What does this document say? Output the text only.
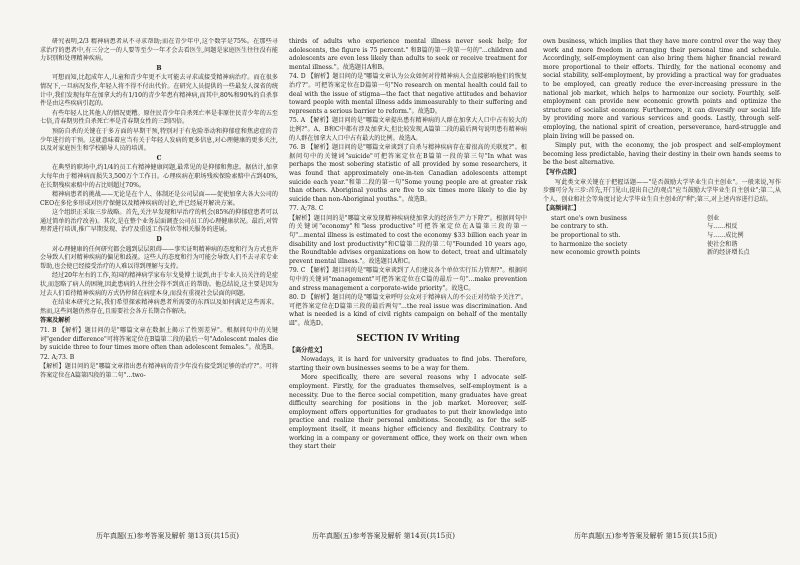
研究表明,2/3 精神病患者从不寻求帮助;而在青少年中,这个数字是75%。在那些寻求治疗的患者中,有三分之一的人要等至少一年才会去看医生,问题是家庭医生往往没有能力识别和处理精神疾病。

B

可想而知,比起成年人,儿童和青少年更不太可能去寻求或接受精神病治疗。而在很多情况下,一旦病况发作,年轻人将不得不付出代价。在研究人员提供的一些最发人深省的统计中,我们发现每年在加拿大约有1/10的青少年患有精神病,而其中,80%和90%的自杀事件是由这些疾病引起的。

有些年轻人比其他人的情况更糟。原住民青少年自杀死亡率是非原住民青少年的五至七倍,青春期男性自杀死亡率是青春期女性的三到四倍。

预防自杀的关键在于多方面的早期干预,特别对于有危险举动和抑郁症和焦虑症的青少年进行的干预。这就意味着应当有关于年轻人发病的更多信息,对心理健康的更多关注,以及对家庭医生和学校辅导人员的培训。

C

在典型的职场中,约1/4的员工有精神健康问题,最常见的是抑郁和焦虑。据估计,加拿大每年由于精神病而损失3,500万个工作日。心理疾病在职场残疾保险索赔中占到40%,在长期残疾索赔中的占比则超过70%。

精神病患者的挑战——无论是在个人、体制还是公司层面——促使加拿大各大公司的CEO在多伦多形成对医疗保健以及精神疾病的讨论,并已经展开解决方案。

这个组织正采取三步战略。首先,关注早发现和早治疗的机会(85%的抑郁症患者可以通过简单的治疗改善)。其次,是在整个业务层面调查公司员工的心理健康状况。最后,对管理者进行培训,推广早期发现、治疗及重返工作岗位等相关服务的进展。

D

对心理健康的任何研究都会遇到层层阻碍——事实证明精神病的态度和行为方式也许会导致人们对精神疾病的偏见和歧视。这些人的态度和行为可能会导致人们不去寻求专业帮助,也会使已经接受治疗的人难以得到理解与支持。

经过20年左右的工作,英国的精神病学家布尔戈曼博士说到,由于专业人员关注的是症状,而忽略了病人的困境,因此患病的人往往会得不到真正的帮助。他总结说,这主要是因为过去人们看待精神疾病的方式仍停留在病症本身,而没有重视社会层面的问题。

在结束本研究之际,我们希望探索精神病患者所需要的东西以及如何满足这些需求。然而,这些问题仍然存在,且需要社会各方长期合作解决。

答案及解析

71. B 【解析】题目问的是"哪篇文章在数据上揭示了性别差异"。根据问句中的关键词"gender difference"可将答案定位在B篇第二段的最后一句"Adolescent males die by suicide three to four times more often than adolescent females."。故选B。

72. A;73. B

【解析】题目问的是"哪篇文章指出患有精神病的青少年没有接受到足够的治疗?"。可将答案定位在A篇第四段的第二句"...two-

thirds of adults who experience mental illness never seek help; for adolescents, the figure is 75 percent." 和B篇的第一段第一句的"...children and adolescents are even less likely than adults to seek or receive treatment for mental illness."。故选题目A和B。

74. D 【解析】题目问的是"哪篇文章认为公众如何对待精神病人会直接影响他们的恢复治疗?"。可把答案定位在D篇第一句"No research on mental health could fail to deal with the issue of stigma—the fact that negative attitudes and behavior toward people with mental illness adds immeasurably to their suffering and represents a serious barrier to reform."。故选D。

75. A 【解析】题目问的是"哪篇文章提出患有精神病的人群在加拿大人口中占有较大的比例?"。A、B和C中都有涉及加拿大,但比较发现,A篇第二段的最后两句说明患有精神病的人群在加拿大人口中占有最大的比例。故选A。

76. B 【解析】题目问的是"哪篇文章谈到了自杀与精神疾病存在着很高的关联度?"。根据问句中的关键词"suicide"可把答案定位在B篇第一段的第三句"In what was perhaps the most sobering statistic of all provided by some researchers, it was found that approximately one-in-ten Canadian adolescents attempt suicide each year."和第二段的第一句"Some young people are at greater risk than others. Aboriginal youths are five to six times more likely to die by suicide than non-Aboriginal youths."。故选B。

77. A;78. C

【解析】题目问的是"哪篇文章发现精神疾病使加拿大的经济生产力下降?"。根据问句中的关键词"economy"和"less productive"可把答案定位在A篇第三段的第一句"...mental illness is estimated to cost the economy $33 billion each year in disability and lost productivity"和C篇第二段的第二句"Founded 10 years ago, the Roundtable advises organizations on how to detect, treat and ultimately prevent mental illness."。故选题目A和C。

79. C 【解析】题目问的是"哪篇文章谈到了人们建议各个单位实行压力管理?"。根据问句中的关键词"management"可把答案定位在C篇的最后一句"...make prevention and stress management a corporate-wide priority"。故选C。

80. D 【解析】题目问的是"哪篇文章呼吁公众对于精神病人的不公正对待给予关注?"。可把答案定位在D篇第三段的最后两句"...the real issue was discrimination. And what is needed is a kind of civil rights campaign on behalf of the mentally ill"。故选D。

SECTION IV Writing

【高分范文】

Nowadays, it is hard for university graduates to find jobs. Therefore, starting their own businesses seems to be a way for them.

More specifically, there are several reasons why I advocate self-employment. Firstly, for the graduates themselves, self-employment is a necessity. Due to the fierce social competition, many graduates have great difficulty searching for positions in the job market. Moreover, self-employment offers opportunities for graduates to put their knowledge into practice and realize their personal ambitions. Secondly, as for the self-employment itself, it means higher efficiency and flexibility. Contrary to working in a company or government office, they work on their own when they start their

own business, which implies that they have more control over the way they work and more freedom in arranging their personal time and schedule. Accordingly, self-employment can also bring them higher financial reward more proportional to their efforts. Thirdly, for the national economy and social stability, self-employment, by providing a practical way for graduates to be employed, can greatly reduce the ever-increasing pressure in the national job market, which helps to harmonize our society. Fourthly, self-employment can provide new economic growth points and optimize the structure of socialist economy. Furthermore, it can diversify our social life by providing more and various services and goods. Lastly, through self-employing, the national spirit of creation, perseverance, hard-struggle and plain living will be passed on.

Simply put, with the economy, the job prospect and self-employment becoming less predictable, having their destiny in their own hands seems to be the best alternative.

【写作点拨】

写此类文章关键在于把握话题——"是否鼓励大学毕业生自主创业"。一般来说,写作步骤可分为三步:首先,开门见山,提出自己的观点"应当鼓励大学毕业生自主创业";第二,从个人、创业和社会等角度讨论大学毕业生自主创业的"利";第三,对上述内容进行总结。

【高频词汇】

start one's own business	创业
be contrary to sth.	与……相反
be proportional to sth.	与……成比例
to harmonize the society	使社会和谐
new economic growth points	新的经济增长点
历年真题(五)参考答案及解析 第13页(共15页)	历年真题(五)参考答案及解析 第14页(共15页)	历年真题(五)参考答案及解析 第15页(共15页)
